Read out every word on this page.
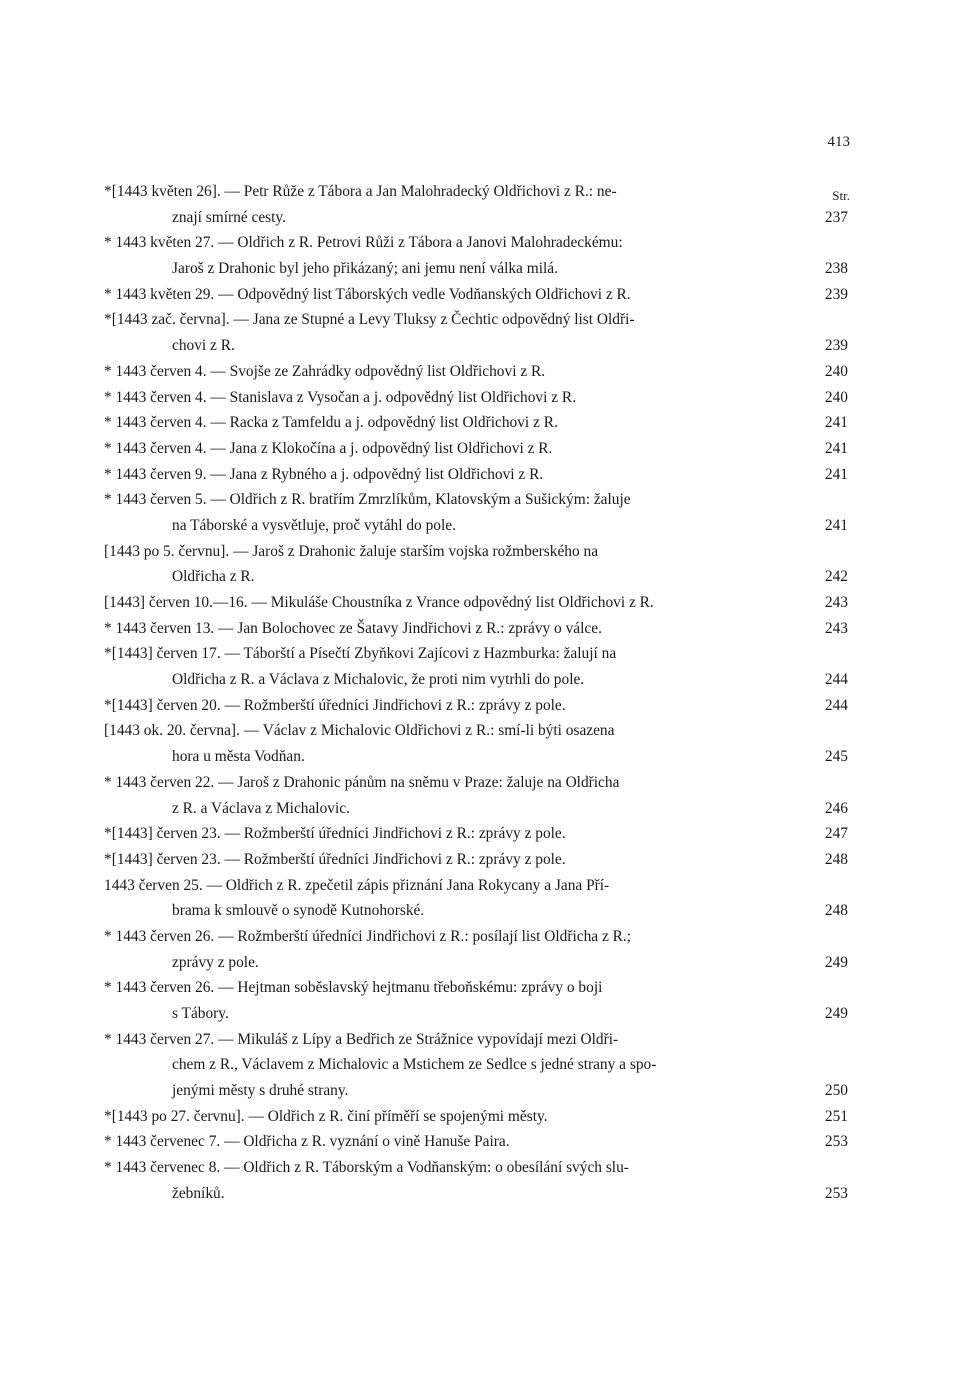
413
Str.
*[1443 květen 26]. — Petr Růže z Tábora a Jan Malohradecký Oldřichovi z R.: ne-
znají smírné cesty.	237
* 1443 květen 27. — Oldřich z R. Petrovi Růži z Tábora a Janovi Malohradeckému:
Jaroš z Drahonic byl jeho přikázaný; ani jemu není válka milá.	238
* 1443 květen 29. — Odpovědný list Táborských vedle Vodňanských Oldřichovi z R.	239
*[1443 zač. června]. — Jana ze Stupné a Levy Tluksy z Čechtic odpovědný list Oldři-
chovi z R.	239
* 1443 červen 4. — Svojše ze Zahrádky odpovědný list Oldřichovi z R.	240
* 1443 červen 4. — Stanislava z Vysočan a j. odpovědný list Oldřichovi z R.	240
* 1443 červen 4. — Racka z Tamfeldu a j. odpovědný list Oldřichovi z R.	241
* 1443 červen 4. — Jana z Klokočína a j. odpovědný list Oldřichovi z R.	241
* 1443 červen 9. — Jana z Rybného a j. odpovědný list Oldřichovi z R.	241
* 1443 červen 5. — Oldřich z R. bratřím Zmrzlíkům, Klatovským a Sušickým: žaluje
na Táborské a vysvětluje, proč vytáhl do pole.	241
[1443 po 5. červnu]. — Jaroš z Drahonic žaluje starším vojska rožmberského na
Oldřicha z R.	242
[1443] červen 10.—16. — Mikuláše Choustníka z Vrance odpovědný list Oldřichovi z R.	243
* 1443 červen 13. — Jan Bolochovec ze Šatavy Jindřichovi z R.: zprávy o válce.	243
*[1443] červen 17. — Táborští a Písečtí Zbyňkovi Zajícovi z Hazmburka: žalují na
Oldřicha z R. a Václava z Michalovic, že proti nim vytrhli do pole.	244
*[1443] červen 20. — Rožmberští úředníci Jindřichovi z R.: zprávy z pole.	244
[1443 ok. 20. června]. — Václav z Michalovic Oldřichovi z R.: smí-li býti osazena
hora u města Vodňan.	245
* 1443 červen 22. — Jaroš z Drahonic pánům na sněmu v Praze: žaluje na Oldřicha
z R. a Václava z Michalovic.	246
*[1443] červen 23. — Rožmberští úředníci Jindřichovi z R.: zprávy z pole.	247
*[1443] červen 23. — Rožmberští úředníci Jindřichovi z R.: zprávy z pole.	248
1443 červen 25. — Oldřich z R. zpečetil zápis přiznání Jana Rokycany a Jana Pří-
brama k smlouvě o synodě Kutnohorské.	248
* 1443 červen 26. — Rožmberští úředníci Jindřichovi z R.: posílají list Oldřicha z R.;
zprávy z pole.	249
* 1443 červen 26. — Hejtman soběslavský hejtmanu třeboňskému: zprávy o boji
s Tábory.	249
* 1443 červen 27. — Mikuláš z Lípy a Bedřich ze Strážnice vypovídají mezi Oldři-
chem z R., Václavem z Michalovic a Mstichem ze Sedlce s jedné strany a spo-
jenými městy s druhé strany.	250
*[1443 po 27. červnu]. — Oldřich z R. činí příměří se spojenými městy.	251
* 1443 červenec 7. — Oldřicha z R. vyznání o vině Hanuše Paira.	253
* 1443 červenec 8. — Oldřich z R. Táborským a Vodňanským: o obesílání svých slu-
žebníků.	253
